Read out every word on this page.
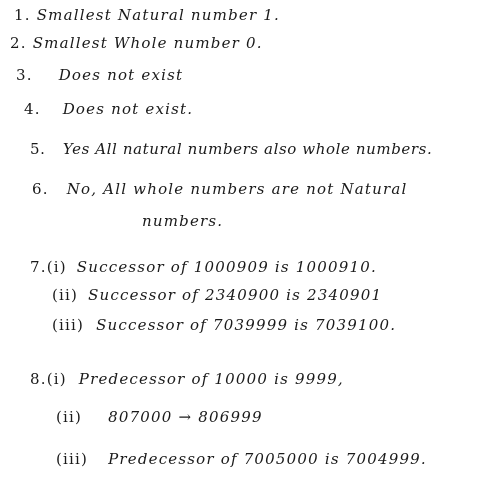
1. Smallest Natural number 1.
2. Smallest Whole number 0.
3. Does not exist
4. Does not exist.
5. Yes All natural numbers also whole numbers.
6. No, All whole numbers are not Natural
numbers.
7.(i) Successor of 1000909 is 1000910.
(ii) Successor of 2340900 is 2340901
(iii) Successor of 7039999 is 7039100.
8.(i) Predecessor of 10000 is 9999,
(ii) 807000 → 806999
(iii) Predecessor of 7005000 is 7004999.
